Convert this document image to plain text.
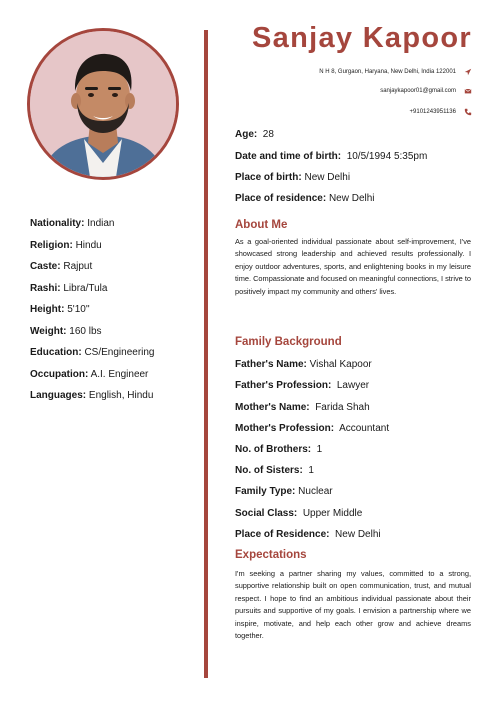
Nationality: Indian
Religion: Hindu
Caste: Rajput
Rashi: Libra/Tula
Height: 5'10''
Weight: 160 lbs
Education: CS/Engineering
Occupation: A.I. Engineer
Languages: English, Hindu
Sanjay Kapoor
N H 8, Gurgaon, Haryana, New Delhi, India 122001
sanjaykapoor01@gmail.com
+9101243951136
Age: 28
Date and time of birth: 10/5/1994 5:35pm
Place of birth: New Delhi
Place of residence: New Delhi
About Me
As a goal-oriented individual passionate about self-improvement, I've showcased strong leadership and achieved results professionally. I enjoy outdoor adventures, sports, and enlightening books in my leisure time. Compassionate and focused on meaningful connections, I strive to positively impact my community and others' lives.
Family Background
Father's Name: Vishal Kapoor
Father's Profession: Lawyer
Mother's Name: Farida Shah
Mother's Profession: Accountant
No. of Brothers: 1
No. of Sisters: 1
Family Type: Nuclear
Social Class: Upper Middle
Place of Residence: New Delhi
Expectations
I'm seeking a partner sharing my values, committed to a strong, supportive relationship built on open communication, trust, and mutual respect. I hope to find an ambitious individual passionate about their pursuits and supportive of my goals. I envision a partnership where we inspire, motivate, and help each other grow and achieve dreams together.
